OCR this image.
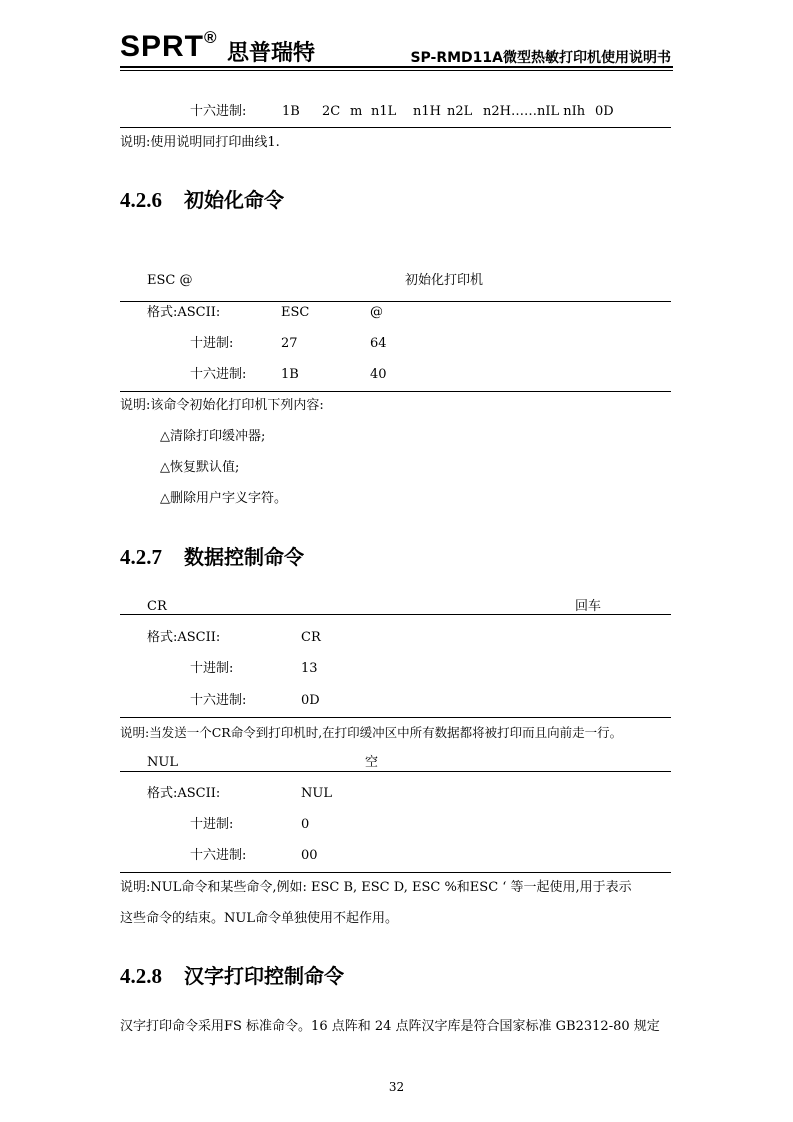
SPRT®
思普瑞特	SP-RMD11A微型热敏打印机使用说明书
十六进制:	1B 2C m n1L n1H n2L n2H……nIL nIh 0D
说明:使用说明同打印曲线1.
4.2.6 初始化命令
ESC @	初始化打印机
格式:ASCII:	ESC	@
十进制:	27	64
十六进制:	1B	40
说明:该命令初始化打印机下列内容:
△清除打印缓冲器;
△恢复默认值;
△删除用户字义字符。
4.2.7 数据控制命令
CR	回车
格式:ASCII:	CR
十进制:	13
十六进制:	0D
说明:当发送一个CR命令到打印机时,在打印缓冲区中所有数据都将被打印而且向前走一行。
NUL	空
格式:ASCII:	NUL
十进制:	0
十六进制:	00
说明:NUL命令和某些命令,例如: ESC B, ESC D, ESC %和ESC ‘ 等一起使用,用于表示
这些命令的结束。NUL命令单独使用不起作用。
4.2.8 汉字打印控制命令
汉字打印命令采用FS 标准命令。16 点阵和 24 点阵汉字库是符合国家标准 GB2312-80 规定
32
